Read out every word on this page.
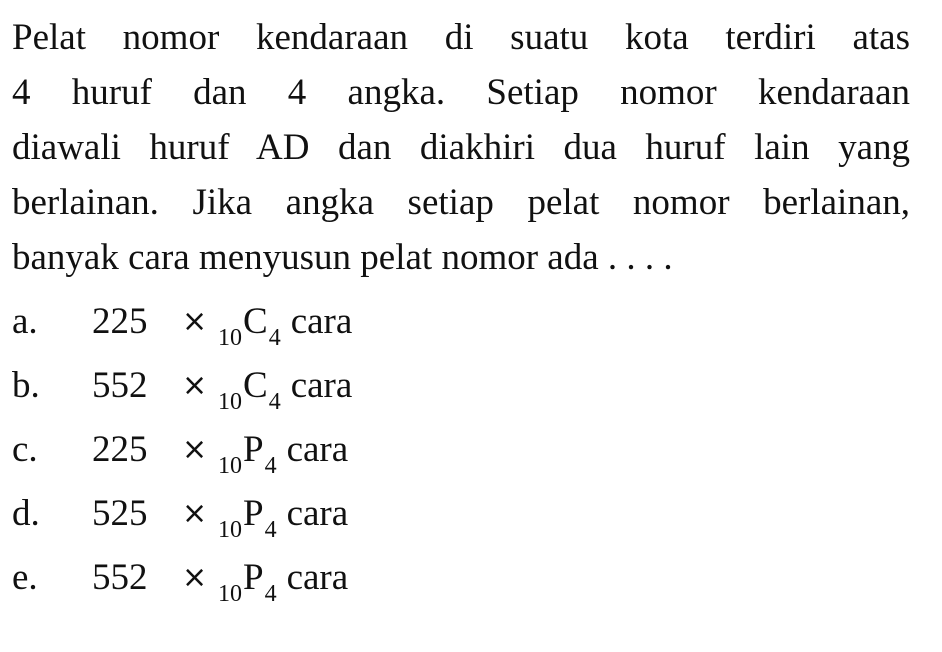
Pelat nomor kendaraan di suatu kota terdiri atas
4 huruf dan 4 angka. Setiap nomor kendaraan
diawali huruf AD dan diakhiri dua huruf lain yang
berlainan. Jika angka setiap pelat nomor berlainan,
banyak cara menyusun pelat nomor ada . . . .
a. $225 \times _{10}C_4$ cara
b. $552 \times _{10}C_4$ cara
c. $225 \times _{10}P_4$ cara
d. $525 \times _{10}P_4$ cara
e. $552 \times _{10}P_4$ cara
